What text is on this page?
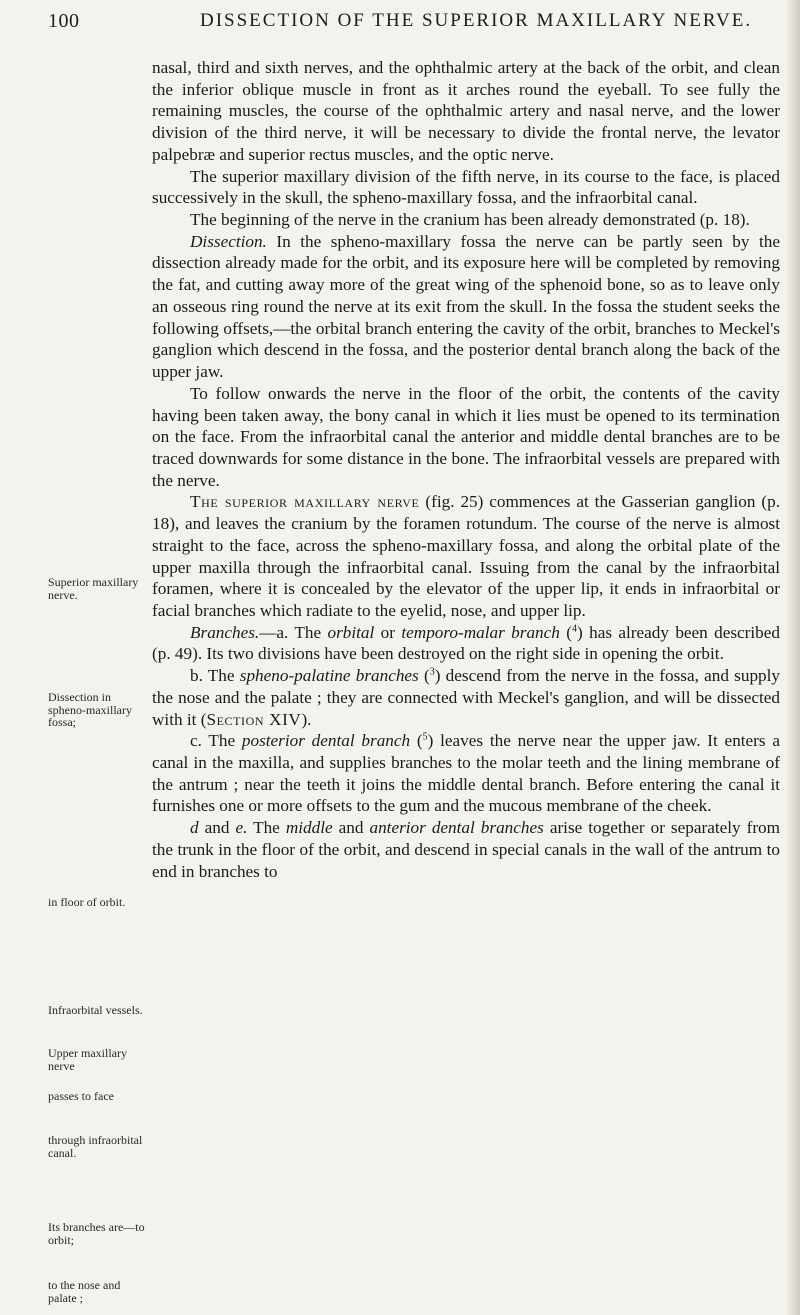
100	DISSECTION OF THE SUPERIOR MAXILLARY NERVE.
Superior maxillary nerve.
Dissection in spheno-maxillary fossa;
in floor of orbit.
Infraorbital vessels.
Upper maxillary nerve
passes to face
through infraorbital canal.
Its branches are—to orbit;
to the nose and palate ;

nasal, third and sixth nerves, and the ophthalmic artery at the back of the orbit, and clean the inferior oblique muscle in front as it arches round the eyeball. To see fully the remaining muscles, the course of the ophthalmic artery and nasal nerve, and the lower division of the third nerve, it will be necessary to divide the frontal nerve, the levator palpebræ and superior rectus muscles, and the optic nerve.

The superior maxillary division of the fifth nerve, in its course to the face, is placed successively in the skull, the spheno-maxillary fossa, and the infraorbital canal.

The beginning of the nerve in the cranium has been already demonstrated (p. 18).

Dissection. In the spheno-maxillary fossa the nerve can be partly seen by the dissection already made for the orbit, and its exposure here will be completed by removing the fat, and cutting away more of the great wing of the sphenoid bone, so as to leave only an osseous ring round the nerve at its exit from the skull. In the fossa the student seeks the following offsets,—the orbital branch entering the cavity of the orbit, branches to Meckel's ganglion which descend in the fossa, and the posterior dental branch along the back of the upper jaw.

To follow onwards the nerve in the floor of the orbit, the contents of the cavity having been taken away, the bony canal in which it lies must be opened to its termination on the face. From the infraorbital canal the anterior and middle dental branches are to be traced downwards for some distance in the bone. The infraorbital vessels are prepared with the nerve.

The superior maxillary nerve (fig. 25) commences at the Gasserian ganglion (p. 18), and leaves the cranium by the foramen rotundum. The course of the nerve is almost straight to the face, across the spheno-maxillary fossa, and along the orbital plate of the upper maxilla through the infraorbital canal. Issuing from the canal by the infraorbital foramen, where it is concealed by the elevator of the upper lip, it ends in infraorbital or facial branches which radiate to the eyelid, nose, and upper lip.

Branches.—a. The orbital or temporo-malar branch ($^4$) has already been described (p. 49). Its two divisions have been destroyed on the right side in opening the orbit.

b. The spheno-palatine branches ($^3$) descend from the nerve in the fossa, and supply the nose and the palate ; they are connected with Meckel's ganglion, and will be dissected with it (Section XIV).

c. The posterior dental branch ($^5$) leaves the nerve near the upper jaw. It enters a canal in the maxilla, and supplies branches to the molar teeth and the lining membrane of the antrum ; near the teeth it joins the middle dental branch. Before entering the canal it furnishes one or more offsets to the gum and the mucous membrane of the cheek.

d and e. The middle and anterior dental branches arise together or separately from the trunk in the floor of the orbit, and descend in special canals in the wall of the antrum to end in branches to
